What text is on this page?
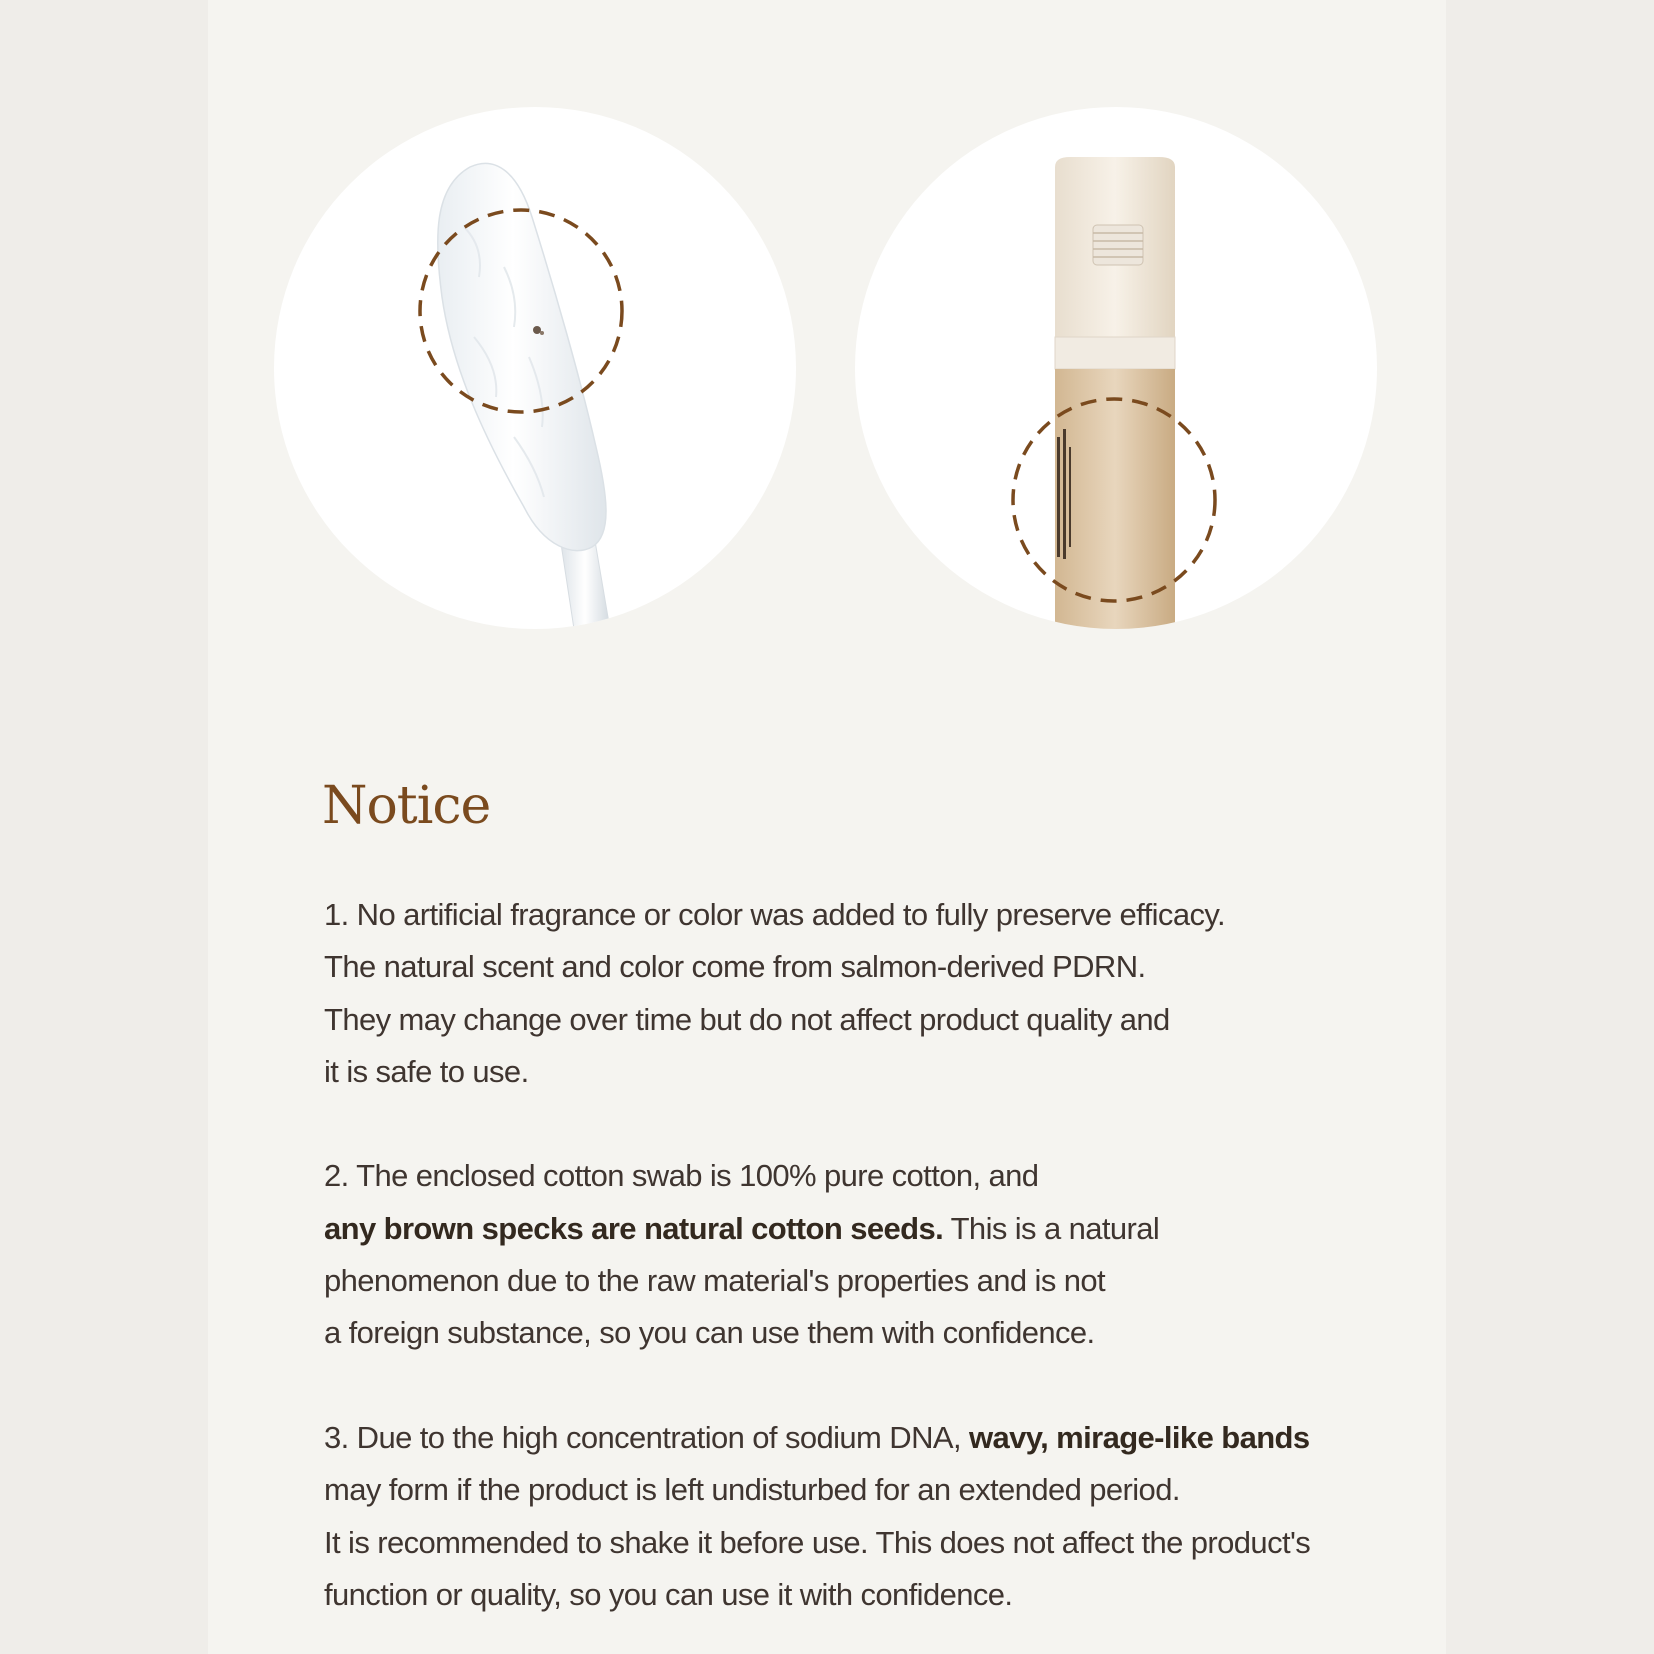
Notice

1. No artificial fragrance or color was added to fully preserve efficacy.
The natural scent and color come from salmon-derived PDRN.
They may change over time but do not affect product quality and
it is safe to use.

2. The enclosed cotton swab is 100% pure cotton, and
any brown specks are natural cotton seeds. This is a natural
phenomenon due to the raw material's properties and is not
a foreign substance, so you can use them with confidence.

3. Due to the high concentration of sodium DNA, wavy, mirage-like bands
may form if the product is left undisturbed for an extended period.
It is recommended to shake it before use. This does not affect the product's
function or quality, so you can use it with confidence.
